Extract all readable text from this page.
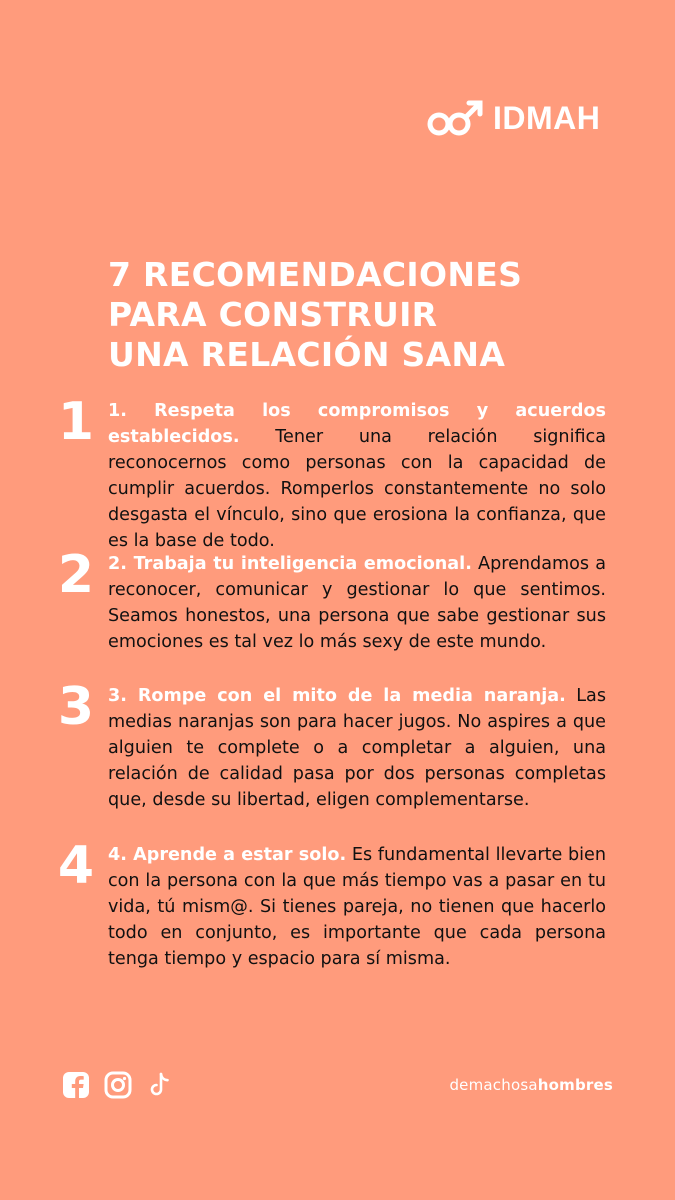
IDMAH
7 RECOMENDACIONES
PARA CONSTRUIR
UNA RELACIÓN SANA
1 1. Respeta los compromisos y acuerdos establecidos. Tener una relación significa reconocernos como personas con la capacidad de cumplir acuerdos. Romperlos constantemente no solo desgasta el vínculo, sino que erosiona la confianza, que es la base de todo.

2 2. Trabaja tu inteligencia emocional. Aprendamos a reconocer, comunicar y gestionar lo que sentimos. Seamos honestos, una persona que sabe gestionar sus emociones es tal vez lo más sexy de este mundo.

3 3. Rompe con el mito de la media naranja. Las medias naranjas son para hacer jugos. No aspires a que alguien te complete o a completar a alguien, una relación de calidad pasa por dos personas completas que, desde su libertad, eligen complementarse.

4 4. Aprende a estar solo. Es fundamental llevarte bien con la persona con la que más tiempo vas a pasar en tu vida, tú mism@. Si tienes pareja, no tienen que hacerlo todo en conjunto, es importante que cada persona tenga tiempo y espacio para sí misma.

demachosahombres
